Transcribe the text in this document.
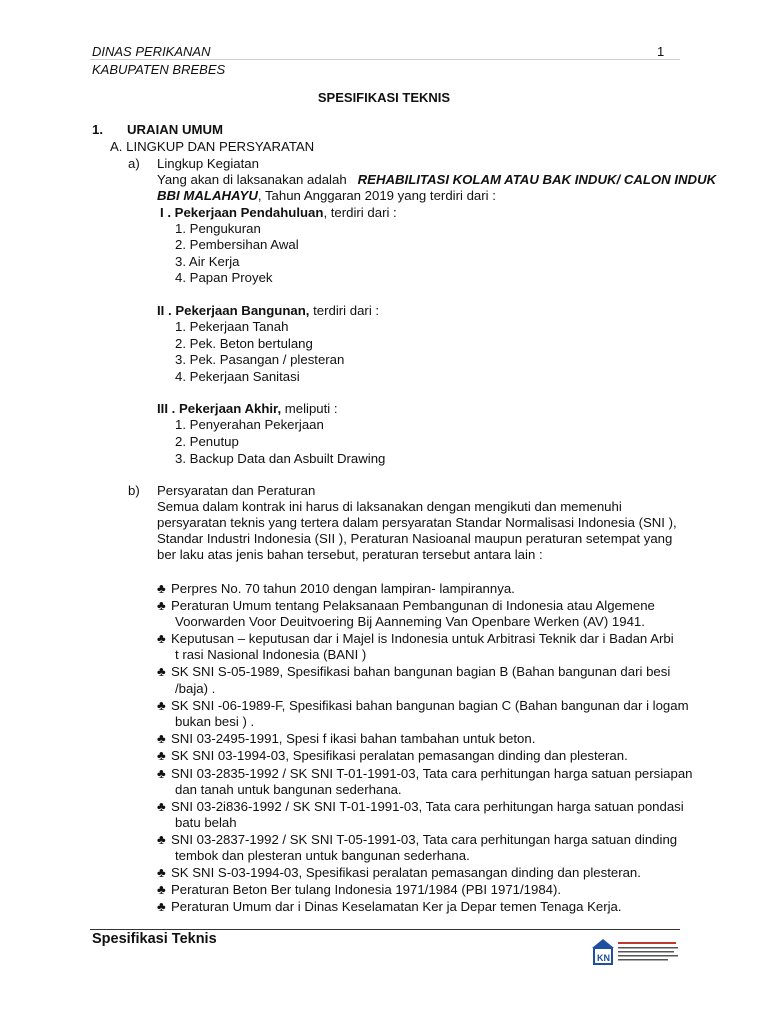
DINAS PERIKANAN	1
KABUPATEN BREBES
SPESIFIKASI TEKNIS
1. URAIAN UMUM
A. LINGKUP DAN PERSYARATAN
a) Lingkup Kegiatan
Yang akan di laksanakan adalah REHABILITASI KOLAM ATAU BAK INDUK/ CALON INDUK
BBI MALAHAYU, Tahun Anggaran 2019 yang terdiri dari :
I . Pekerjaan Pendahuluan, terdiri dari :
1. Pengukuran
2. Pembersihan Awal
3. Air Kerja
4. Papan Proyek
II . Pekerjaan Bangunan, terdiri dari :
1. Pekerjaan Tanah
2. Pek. Beton bertulang
3. Pek. Pasangan / plesteran
4. Pekerjaan Sanitasi
III . Pekerjaan Akhir, meliputi :
1. Penyerahan Pekerjaan
2. Penutup
3. Backup Data dan Asbuilt Drawing
b) Persyaratan dan Peraturan
Semua dalam kontrak ini harus di laksanakan dengan mengikuti dan memenuhi
persyaratan teknis yang tertera dalam persyaratan Standar Normalisasi Indonesia (SNI ),
Standar Industri Indonesia (SII ), Peraturan Nasioanal maupun peraturan setempat yang
ber laku atas jenis bahan tersebut, peraturan tersebut antara lain :
♣ Perpres No. 70 tahun 2010 dengan lampiran- lampirannya.
♣ Peraturan Umum tentang Pelaksanaan Pembangunan di Indonesia atau Algemene
Voorwarden Voor Deuitvoering Bij Aanneming Van Openbare Werken (AV) 1941.
♣ Keputusan – keputusan dar i Majel is Indonesia untuk Arbitrasi Teknik dar i Badan Arbi
t rasi Nasional Indonesia (BANI )
♣ SK SNI S-05-1989, Spesifikasi bahan bangunan bagian B (Bahan bangunan dari besi
/baja) .
♣ SK SNI -06-1989-F, Spesifikasi bahan bangunan bagian C (Bahan bangunan dar i logam
bukan besi ) .
♣ SNI 03-2495-1991, Spesi f ikasi bahan tambahan untuk beton.
♣ SK SNI 03-1994-03, Spesifikasi peralatan pemasangan dinding dan plesteran.
♣ SNI 03-2835-1992 / SK SNI T-01-1991-03, Tata cara perhitungan harga satuan persiapan
dan tanah untuk bangunan sederhana.
♣ SNI 03-2i836-1992 / SK SNI T-01-1991-03, Tata cara perhitungan harga satuan pondasi
batu belah
♣ SNI 03-2837-1992 / SK SNI T-05-1991-03, Tata cara perhitungan harga satuan dinding
tembok dan plesteran untuk bangunan sederhana.
♣ SK SNI S-03-1994-03, Spesifikasi peralatan pemasangan dinding dan plesteran.
♣ Peraturan Beton Ber tulang Indonesia 1971/1984 (PBI 1971/1984).
♣ Peraturan Umum dar i Dinas Keselamatan Ker ja Depar temen Tenaga Kerja.
Spesifikasi Teknis
KN
